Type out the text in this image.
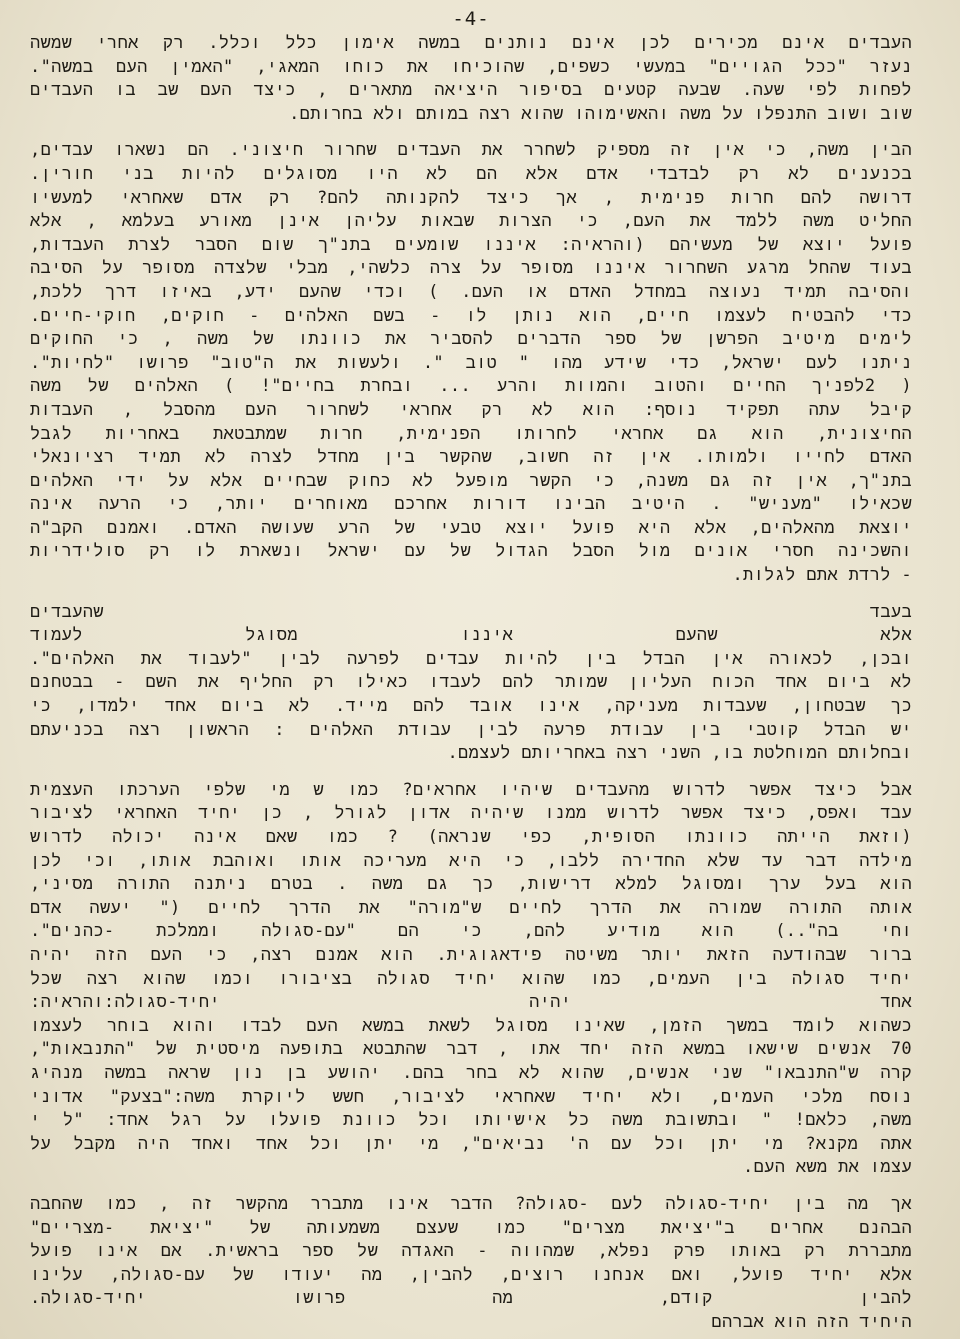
-4-
העבדים אינם מכירים לכן אינם נותנים במשה אימון כלל וכלל. רק אחרי שמשה
נעזר "ככל הגויים" במעשי כשפים, שהוכיחו את כוחו המאגי, "האמין העם במשה".
לפחות לפי שעה. שבעה קטעים בסיפור היציאה מתארים , כיצד העם שב בו העבדים
שוב ושוב התנפלו על משה והאשימוהו שהוא רצה במותם ולא בחרותם.
הבין משה, כי אין זה מספיק לשחרר את העבדים שחרור חיצוני. הם נשארו עבדים,
בכנענים לא רק לבדבדי אדם אלא הם לא היו מסוגלים להיות בני חורין.
דרושה להם חרות פנימית , אך כיצד להקנותה להם? רק אדם שאחראי למעשיו
החליט משה ללמד את העם, כי הצרות שבאות עליהן אינן מאורע בעלמא , אלא
פועל יוצא של מעשיהם (והראיה: איננו שומעים בתנ"ך שום הסבר לצרת העבדות,
בעוד שהחל מרגע השחרור איננו מסופר על צרה כלשהי, מבלי שלצדה מסופר על הסיבה
והסיבה תמיד נעוצה במחדל האדם או העם. ) וכדי שהעם ידע, באיזו דרך ללכת,
כדי להבטיח לעצמו חיים, הוא נותן לו - בשם האלהים - חוקים, חוקי-חיים.
לימים מיטיב הפרשן של ספר הדברים להסביר את כוונתו של משה , כי החוקים
ניתנו לעם ישראל, כדי שידע מהו " טוב ". ולעשות את ה"טוב" פרושו "לחיות".
( 2לפניך החיים והטוב והמוות והרע ... ובחרת בחיים"! ) האלהים של משה
קיבל עתה תפקיד נוסף: הוא לא רק אחראי לשחרור העם מהסבל , העבדות
החיצונית, הוא גם אחראי לחרותו הפנימית, חרות שמתבטאת באחריות לגבל
האדם לחייו ולמותו. אין זה חשוב, שהקשר בין מחדל לצרה לא תמיד רציונאלי
בתנ"ך, אין זה גם משנה, כי הקשר מופעל לא כחוק שבחיים אלא על ידי האלהים
שכאילו "מעניש" . היטיב הבינו דורות אחרכם מאוחרים יותר, כי הרעה אינה
יוצאת מהאלהים, אלא היא פועל יוצא טבעי של הרע שעושה האדם. ואמנם הקב"ה
והשכינה חסרי אונים מול הסבל הגדול של עם ישראל ונשארת לו רק סולידריות
- לרדת אתם לגלות.
בעבד שהעבדים
אלא שהעם איננו מסוגל לעמוד
ובכן, לכאורה אין הבדל בין להיות עבדים לפרעה לבין "לעבוד את האלהים".
לא ביום אחד הכוח העליון שמותר להם לעבדו כאילו רק החליף את השם - בבטחנם
כך שבטחון, שעבדות מעניקה, אינו אובד להם מייד. לא ביום אחד ילמדו, כי
יש הבדל קוטבי בין עבודת פרעה לבין עבודת האלהים : הראשון רצה בכניעתם
ובחלותם המוחלטת בו, השני רצה באחריותם לעצמם.
אבל כיצד אפשר לדרוש מהעבדים שיהיו אחראים? כמו ש מי שלפי הערכתו העצמית
עבד ואפס, כיצד אפשר לדרוש ממנו שיהיה אדון לגורל , כן יחיד האחראי לציבור
(וזאת הייתה כוונתו הסופית, כפי שנראה) ? כמו שאם אינה יכולה לדרוש
מילדה דבר עד שלא החדירה ללבו, כי היא מעריכה אותו ואוהבת אותו, וכי לכן
הוא בעל ערך ומסוגל למלא דרישות, כך גם משה . בטרם ניתנה התורה מסיני,
אותה התורה שמורה את הדרך לחיים ש"מורה" את הדרך לחיים (" יעשה אדם
וחי בה"..) הוא מודיע להם, כי הם "עם-סגולה וממלכת -כהנים".
ברור שבהודעה הזאת יותר משיטה פידאגוגית. הוא אמנם רצה, כי העם הזה יהיה
יחיד סגולה בין העמים, כמו שהוא יחיד סגולה בציבורו וכמו שהוא רצה שכל
אחד יהיה יחיד-סגולה:והראיה:
כשהוא לומד במשך הזמן, שאינו מסוגל לשאת במשא העם לבדו והוא בוחר לעצמו
70 אנשים שישאו במשא הזה יחד אתו , דבר שהתבטא בתופעה מיסטית של "התנבאות",
קרה ש"התנבאו" שני אנשים, שהוא לא בחר בהם. יהושע בן נון שראה במשה מנהיג
נוסח מלכי העמים, ולא יחיד שאחראי לציבור, חשש ליוקרת משה:"בצעק" אדוני
משה, כלאם! " ובתשובת משה כל אישיותו וכל כוונת פועלו על רגל אחד: "ל י
אתה מקנא? מי יתן וכל עם ה' נביאים", מי יתן וכל אחד ואחד היה מקבל על
עצמו את משא העם.
אך מה בין יחיד-סגולה לעם -סגולה? הדבר אינו מתברר מהקשר זה , כמו שהחבה
הבהנם אחרים ב"יציאת מצרים" כמו שעצם משמעותה של "יציאת -מצריים"
מתבררת רק באותו פרק נפלא, שמהווה - האגדה של ספר בראשית. אם אינו פועל
אלא יחיד פועל, ואם אנחנו רוצים, להבין, מה יעודו של עם-סגולה, עלינו
להבין קודם, מה פרושו יחיד-סגולה.
היחיד הזה הוא אברהם
